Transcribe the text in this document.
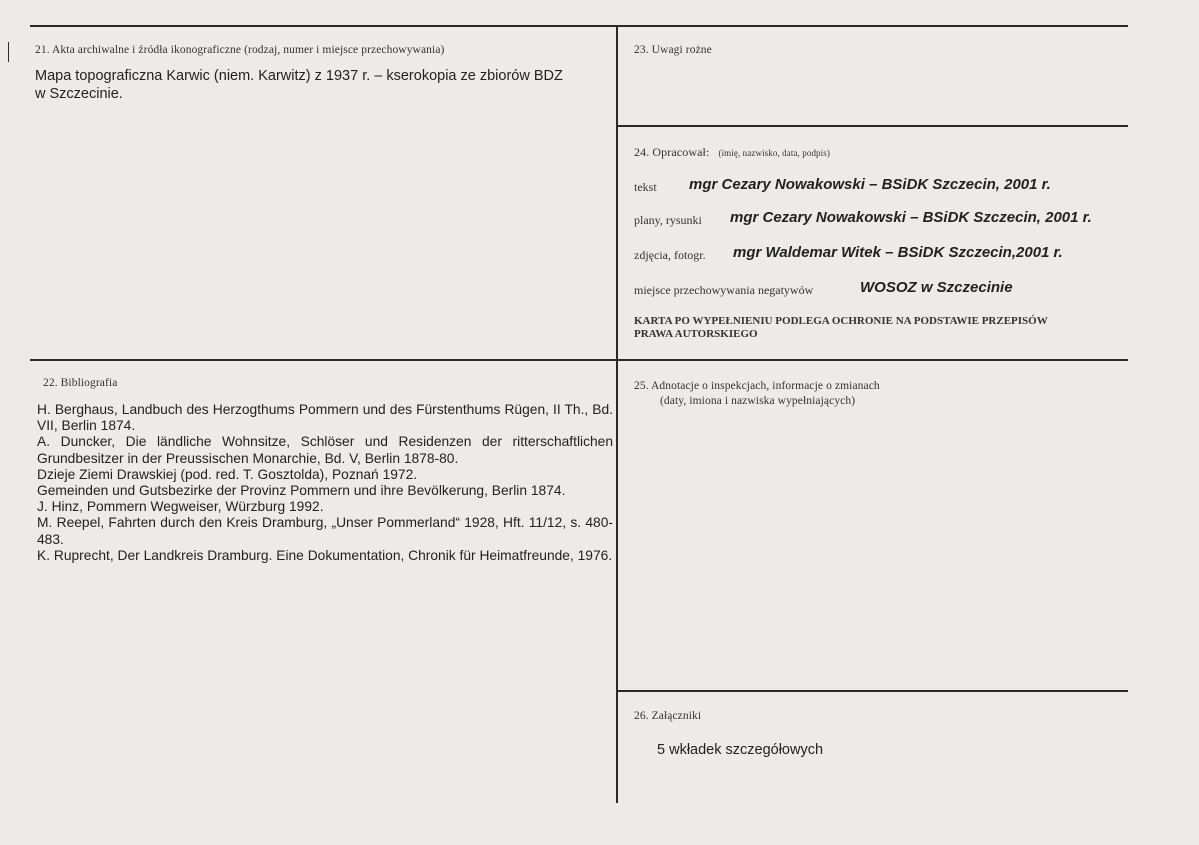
21. Akta archiwalne i źródła ikonograficzne (rodzaj, numer i miejsce przechowywania)
Mapa topograficzna Karwic (niem. Karwitz) z 1937 r. – kserokopia ze zbiorów BDZ
w Szczecinie.
23. Uwagi rożne
24. Opracował: (imię, nazwisko, data, podpis)
tekst mgr Cezary Nowakowski – BSiDK Szczecin, 2001 r.
plany, rysunki mgr Cezary Nowakowski – BSiDK Szczecin, 2001 r.
zdjęcia, fotogr. mgr Waldemar Witek – BSiDK Szczecin,2001 r.
miejsce przechowywania negatywów	WOSOZ w Szczecinie
KARTA PO WYPEŁNIENIU PODLEGA OCHRONIE NA PODSTAWIE PRZEPISÓW
PRAWA AUTORSKIEGO
22. Bibliografia

H. Berghaus, Landbuch des Herzogthums Pommern und des Fürstenthums Rügen, II Th., Bd. VII, Berlin 1874.

A. Duncker, Die ländliche Wohnsitze, Schlöser und Residenzen der ritterschaftlichen Grundbesitzer in der Preussischen Monarchie, Bd. V, Berlin 1878-80.

Dzieje Ziemi Drawskiej (pod. red. T. Gosztolda), Poznań 1972.

Gemeinden und Gutsbezirke der Provinz Pommern und ihre Bevölkerung, Berlin 1874.

J. Hinz, Pommern Wegweiser, Würzburg 1992.

M. Reepel, Fahrten durch den Kreis Dramburg, „Unser Pommerland“ 1928, Hft. 11/12, s. 480-483.

K. Ruprecht, Der Landkreis Dramburg. Eine Dokumentation, Chronik für Heimatfreunde, 1976.

25. Adnotacje o inspekcjach, informacje o zmianach
(daty, imiona i nazwiska wypełniających)
26. Załączniki
5 wkładek szczegółowych
